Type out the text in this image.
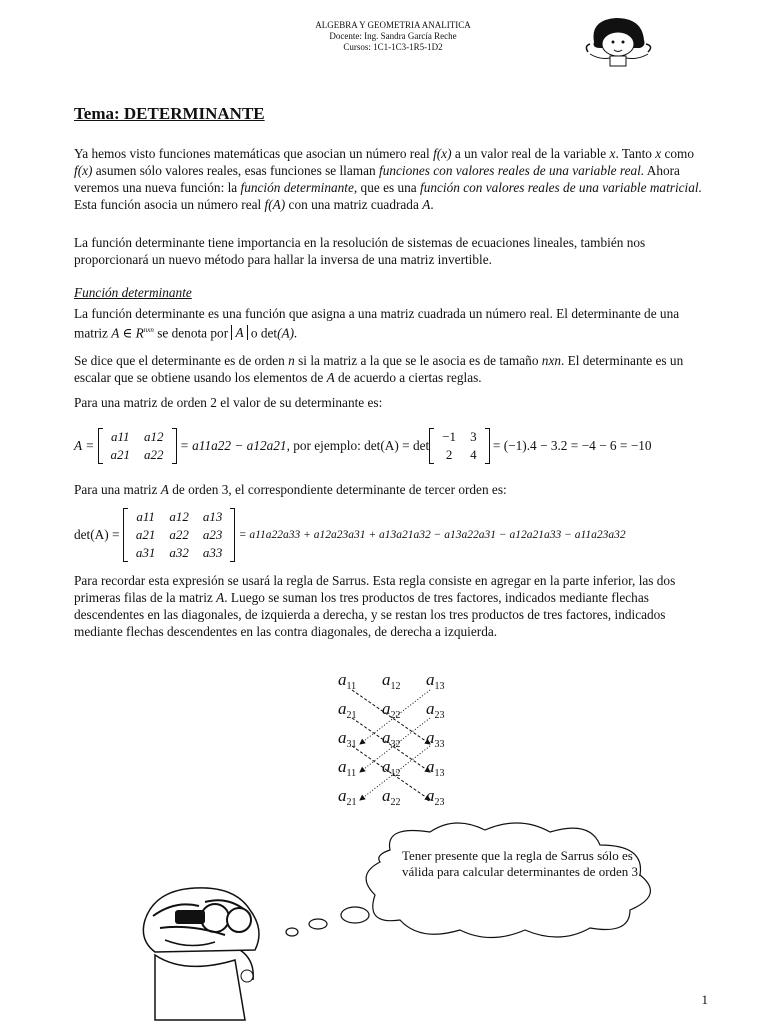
ALGEBRA Y GEOMETRIA ANALITICA
Docente: Ing. Sandra García Reche
Cursos: 1C1-1C3-1R5-1D2
Tema: DETERMINANTE

Ya hemos visto funciones matemáticas que asocian un número real f(x) a un valor real de la variable x. Tanto x como f(x) asumen sólo valores reales, esas funciones se llaman funciones con valores reales de una variable real. Ahora veremos una nueva función: la función determinante, que es una función con valores reales de una variable matricial. Esta función asocia un número real f(A) con una matriz cuadrada A.

La función determinante tiene importancia en la resolución de sistemas de ecuaciones lineales, también nos proporcionará un nuevo método para hallar la inversa de una matriz invertible.
Función determinante
La función determinante es una función que asigna a una matriz cuadrada un número real. El determinante de una matriz A ∈ $R^{nxn}$ se denota por A o det(A).
Se dice que el determinante es de orden n si la matriz a la que se le asocia es de tamaño nxn. El determinante es un escalar que se obtiene usando los elementos de A de acuerdo a ciertas reglas.
Para una matriz de orden 2 el valor de su determinante es:
A =

a11	a12
a21	a22

= a11a22 − a12a21 , por ejemplo: det(A) = det
−1	3
2	4

= (−1).4 − 3.2 = −4 − 6 = −10
Para una matriz A de orden 3, el correspondiente determinante de tercer orden es:
det(A) =

a11	a12	a13
a21	a22	a23
a31	a32	a33

= a11a22a33 + a12a23a31 + a13a21a32 − a13a22a31 − a12a21a33 − a11a23a32
Para recordar esta expresión se usará la regla de Sarrus. Esta regla consiste en agregar en la parte inferior, las dos primeras filas de la matriz A. Luego se suman los tres productos de tres factores, indicados mediante flechas descendentes en las diagonales, de izquierda a derecha, y se restan los tres productos de tres factores, indicados mediante flechas descendentes en las contra diagonales, de derecha a izquierda.
$a_{11}$ $a_{12}$ $a_{13}$
$a_{21}$ $a_{22}$ $a_{23}$
$a_{31}$ $a_{32}$ $a_{33}$
$a_{11}$ $a_{12}$ $a_{13}$
$a_{21}$ $a_{22}$ $a_{23}$
Tener presente que la regla de Sarrus sólo es válida para calcular determinantes de orden 3.
1
